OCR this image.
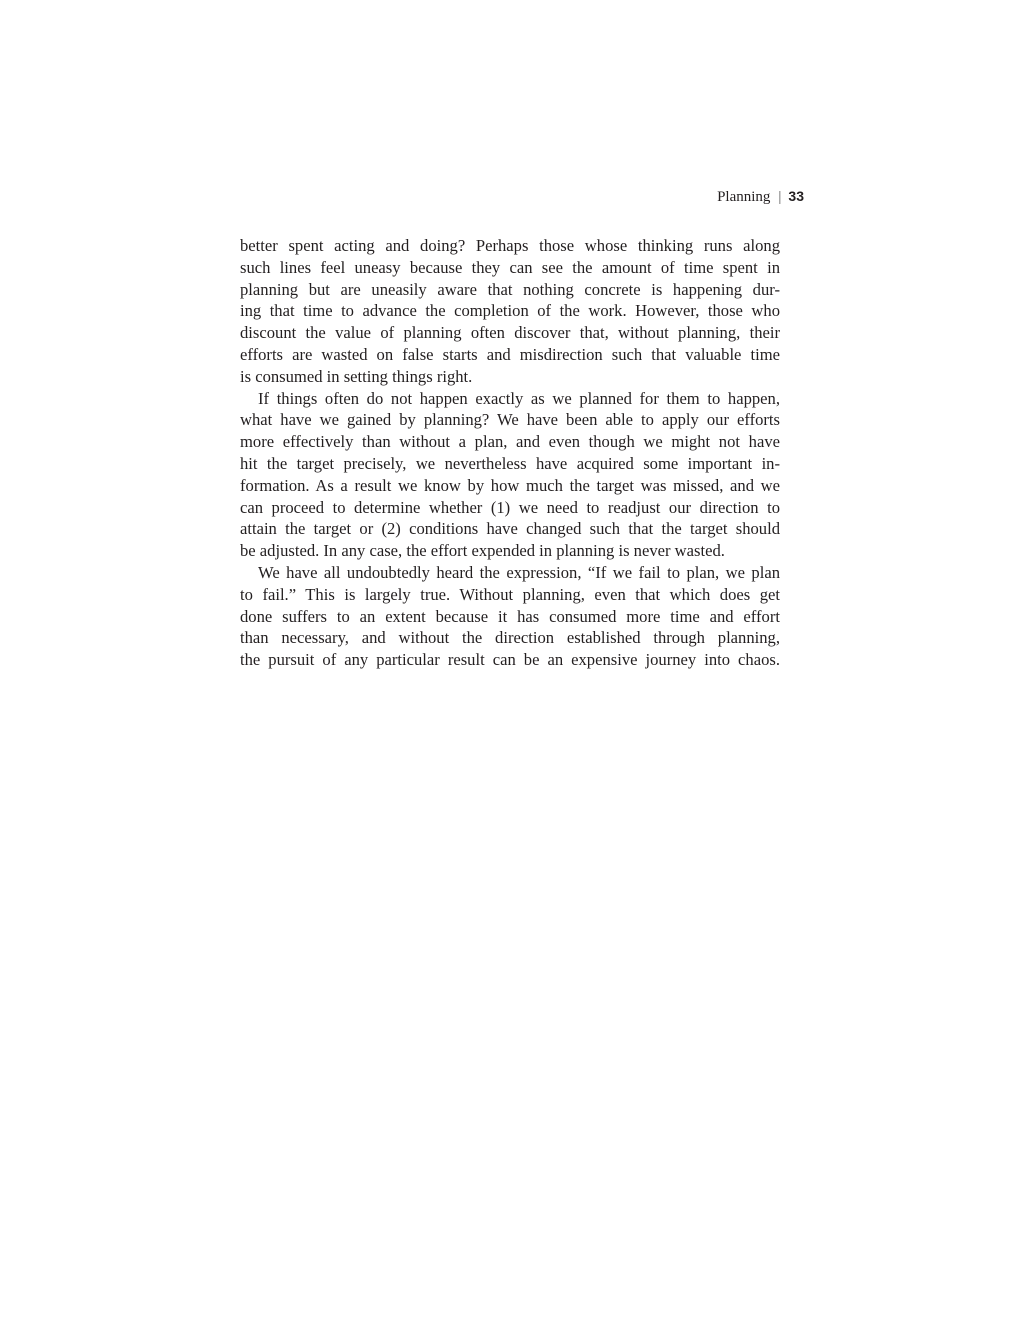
Planning | 33

better spent acting and doing? Perhaps those whose thinking runs along
such lines feel uneasy because they can see the amount of time spent in
planning but are uneasily aware that nothing concrete is happening dur-
ing that time to advance the completion of the work. However, those who
discount the value of planning often discover that, without planning, their
efforts are wasted on false starts and misdirection such that valuable time
is consumed in setting things right.

If things often do not happen exactly as we planned for them to happen,
what have we gained by planning? We have been able to apply our efforts
more effectively than without a plan, and even though we might not have
hit the target precisely, we nevertheless have acquired some important in-
formation. As a result we know by how much the target was missed, and we
can proceed to determine whether (1) we need to readjust our direction to
attain the target or (2) conditions have changed such that the target should
be adjusted. In any case, the effort expended in planning is never wasted.

We have all undoubtedly heard the expression, “If we fail to plan, we plan
to fail.” This is largely true. Without planning, even that which does get
done suffers to an extent because it has consumed more time and effort
than necessary, and without the direction established through planning,
the pursuit of any particular result can be an expensive journey into chaos.
